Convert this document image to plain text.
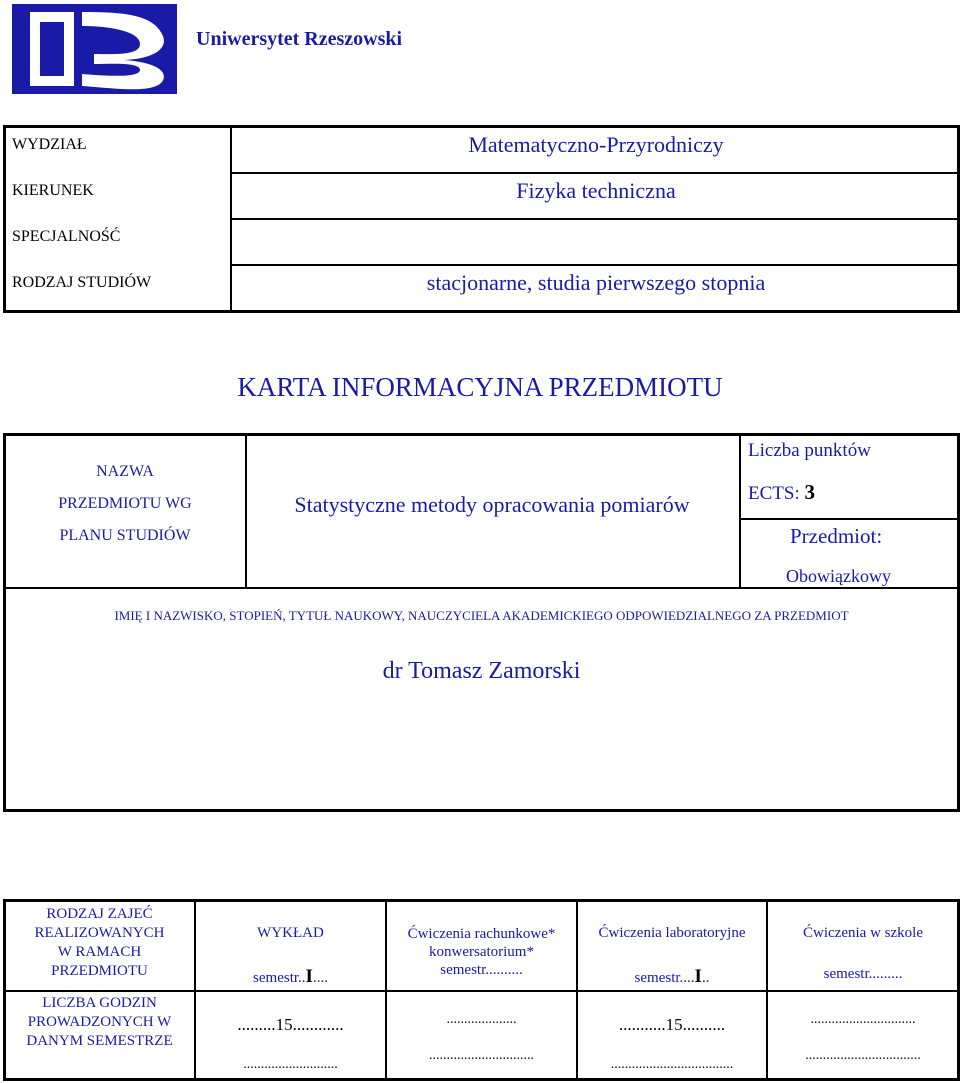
Uniwersytet Rzeszowski
WYDZIAŁ
KIERUNEK
SPECJALNOŚĆ
RODZAJ STUDIÓW
Matematyczno-Przyrodniczy
Fizyka techniczna
stacjonarne, studia pierwszego stopnia
KARTA INFORMACYJNA PRZEDMIOTU
NAZWA
PRZEDMIOTU WG
PLANU STUDIÓW
Statystyczne metody opracowania pomiarów
Liczba punktów
ECTS: 3
Przedmiot:
Obowiązkowy
IMIĘ I NAZWISKO, STOPIEŃ, TYTUŁ NAUKOWY, NAUCZYCIELA AKADEMICKIEGO ODPOWIEDZIALNEGO ZA PRZEDMIOT
dr Tomasz Zamorski
RODZAJ ZAJEĆ
REALIZOWANYCH
W RAMACH
PRZEDMIOTU
LICZBA GODZIN
PROWADZONYCH W
DANYM SEMESTRZE
WYKŁAD
semestr..I....
.........15............
...........................
Ćwiczenia rachunkowe*
konwersatorium*
semestr..........
....................
..............................
Ćwiczenia laboratoryjne
semestr....I..
...........15..........
...................................
Ćwiczenia w szkole
semestr.........
..............................
.................................
